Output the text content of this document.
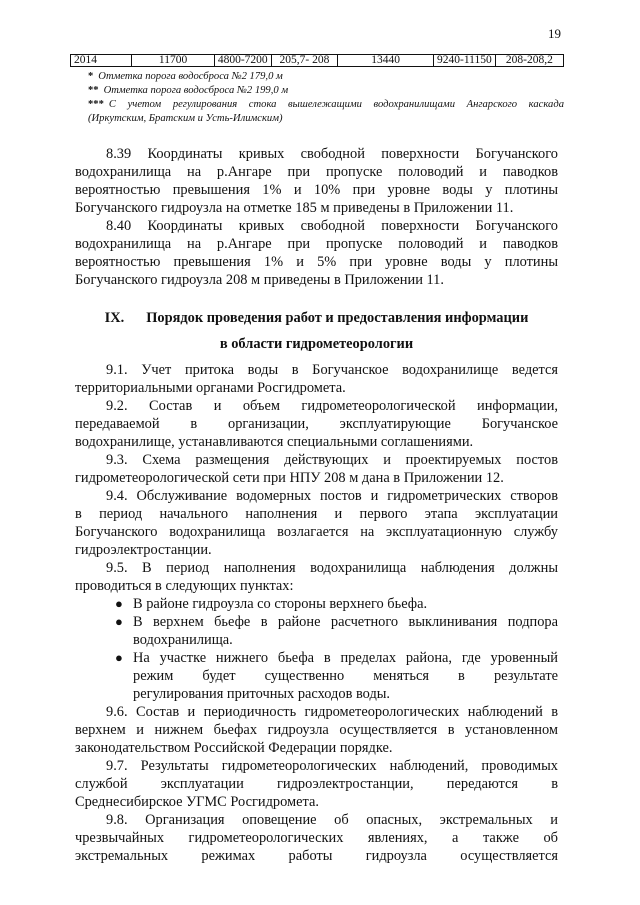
19
2014	11700	4800-7200	205,7- 208	13440	9240-11150	208-208,2

* Отметка порога водосброса №2 179,0 м

** Отметка порога водосброса №2 199,0 м

*** С учетом регулирования стока вышележащими водохранилищами Ангарского каскада

(Иркутским, Братским и Усть-Илимским)

8.39 Координаты кривых свободной поверхности Богучанского
водохранилища на р.Ангаре при пропуске половодий и паводков
вероятностью превышения 1% и 10% при уровне воды у плотины
Богучанского гидроузла на отметке 185 м приведены в Приложении 11.

8.40 Координаты кривых свободной поверхности Богучанского
водохранилища на р.Ангаре при пропуске половодий и паводков
вероятностью превышения 1% и 5% при уровне воды у плотины
Богучанского гидроузла 208 м приведены в Приложении 11.

IX. Порядок проведения работ и предоставления информации
в области гидрометеорологии

9.1. Учет притока воды в Богучанское водохранилище ведется
территориальными органами Росгидромета.

9.2. Состав и объем гидрометеорологической информации,
передаваемой в организации, эксплуатирующие Богучанское
водохранилище, устанавливаются специальными соглашениями.

9.3. Схема размещения действующих и проектируемых постов
гидрометеорологической сети при НПУ 208 м дана в Приложении 12.

9.4. Обслуживание водомерных постов и гидрометрических створов
в период начального наполнения и первого этапа эксплуатации
Богучанского водохранилища возлагается на эксплуатационную службу
гидроэлектростанции.

9.5. В период наполнения водохранилища наблюдения должны
проводиться в следующих пунктах:

● В районе гидроузла со стороны верхнего бьефа.
● В верхнем бьефе в районе расчетного выклинивания подпора
водохранилища.
● На участке нижнего бьефа в пределах района, где уровенный
режим будет существенно меняться в результате
регулирования приточных расходов воды.

9.6. Состав и периодичность гидрометеорологических наблюдений в
верхнем и нижнем бьефах гидроузла осуществляется в установленном
законодательством Российской Федерации порядке.

9.7. Результаты гидрометеорологических наблюдений, проводимых
службой эксплуатации гидроэлектростанции, передаются в
Среднесибирское УГМС Росгидромета.

9.8. Организация оповещение об опасных, экстремальных и
чрезвычайных гидрометеорологических явлениях, а также об
экстремальных режимах работы гидроузла осуществляется
